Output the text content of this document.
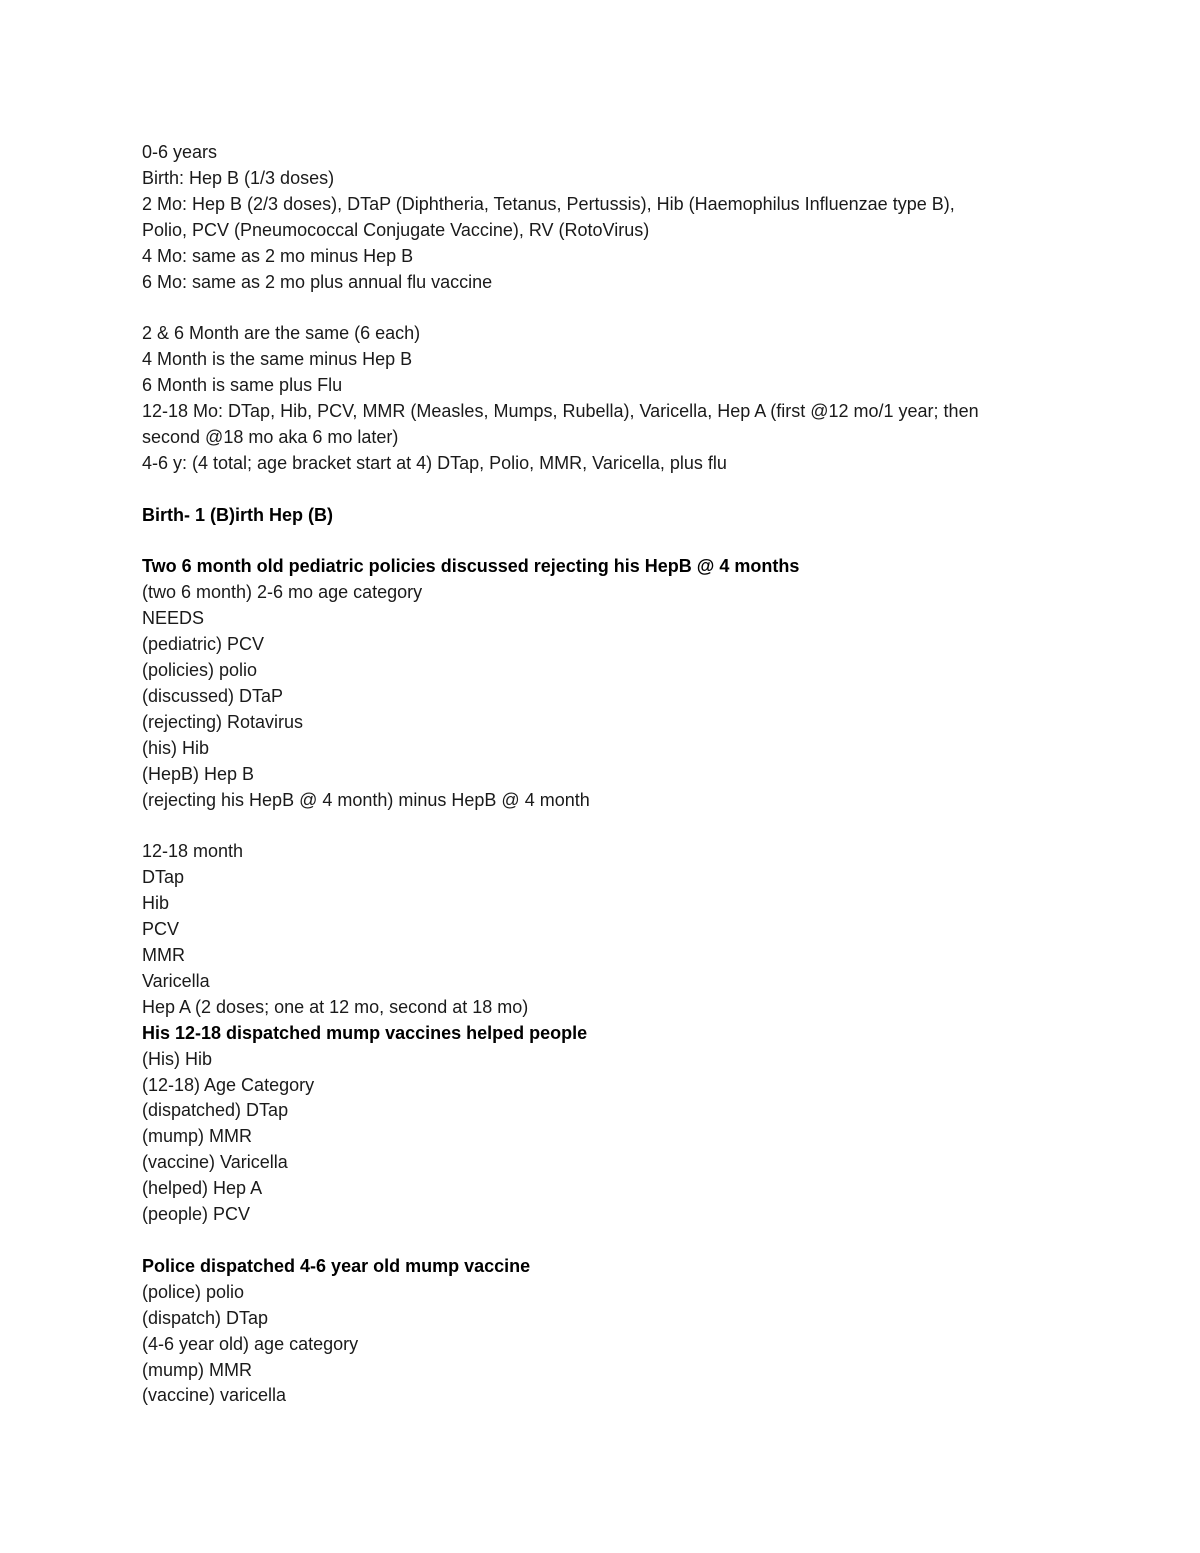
0-6 years
Birth: Hep B (1/3 doses)
2 Mo: Hep B (2/3 doses), DTaP (Diphtheria, Tetanus, Pertussis), Hib (Haemophilus Influenzae type B),
Polio, PCV (Pneumococcal Conjugate Vaccine), RV (RotoVirus)
4 Mo: same as 2 mo minus Hep B
6 Mo: same as 2 mo plus annual flu vaccine
2 & 6 Month are the same (6 each)
4 Month is the same minus Hep B
6 Month is same plus Flu
12-18 Mo: DTap, Hib, PCV, MMR (Measles, Mumps, Rubella), Varicella, Hep A (first @12 mo/1 year; then
second @18 mo aka 6 mo later)
4-6 y: (4 total; age bracket start at 4) DTap, Polio, MMR, Varicella, plus flu
Birth- 1 (B)irth Hep (B)
Two 6 month old pediatric policies discussed rejecting his HepB @ 4 months
(two 6 month) 2-6 mo age category
NEEDS
(pediatric) PCV
(policies) polio
(discussed) DTaP
(rejecting) Rotavirus
(his) Hib
(HepB) Hep B
(rejecting his HepB @ 4 month) minus HepB @ 4 month
12-18 month
DTap
Hib
PCV
MMR
Varicella
Hep A (2 doses; one at 12 mo, second at 18 mo)
His 12-18 dispatched mump vaccines helped people
(His) Hib
(12-18) Age Category
(dispatched) DTap
(mump) MMR
(vaccine) Varicella
(helped) Hep A
(people) PCV
Police dispatched 4-6 year old mump vaccine
(police) polio
(dispatch) DTap
(4-6 year old) age category
(mump) MMR
(vaccine) varicella
